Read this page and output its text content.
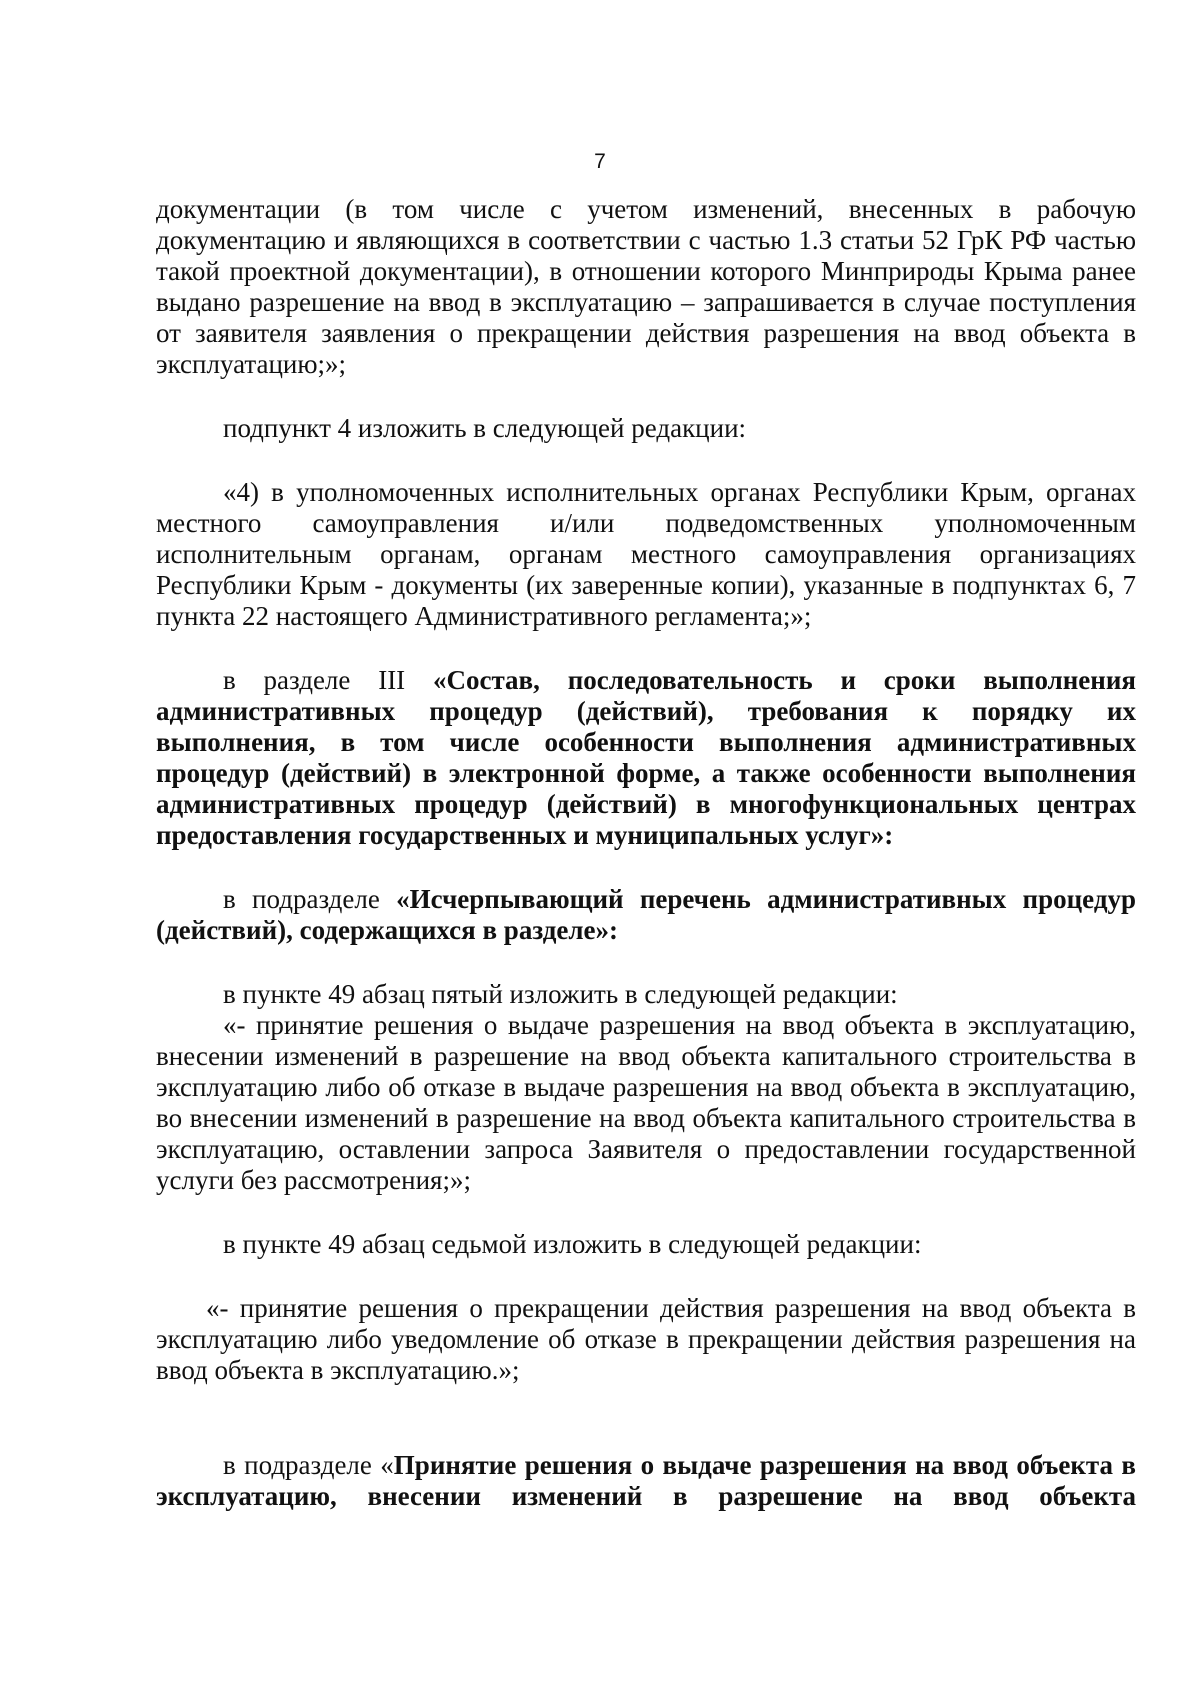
7

документации (в том числе с учетом изменений, внесенных в рабочую документацию и являющихся в соответствии с частью 1.3 статьи 52 ГрК РФ частью такой проектной документации), в отношении которого Минприроды Крыма ранее выдано разрешение на ввод в эксплуатацию – запрашивается в случае поступления от заявителя заявления о прекращении действия разрешения на ввод объекта в эксплуатацию;»;

подпункт 4 изложить в следующей редакции:

«4) в уполномоченных исполнительных органах Республики Крым, органах местного самоуправления и/или подведомственных уполномоченным исполнительным органам, органам местного самоуправления организациях Республики Крым - документы (их заверенные копии), указанные в подпунктах 6, 7 пункта 22 настоящего Административного регламента;»;

в разделе III «Состав, последовательность и сроки выполнения административных процедур (действий), требования к порядку их выполнения, в том числе особенности выполнения административных процедур (действий) в электронной форме, а также особенности выполнения административных процедур (действий) в многофункциональных центрах предоставления государственных и муниципальных услуг»:

в подразделе «Исчерпывающий перечень административных процедур (действий), содержащихся в разделе»:

в пункте 49 абзац пятый изложить в следующей редакции:

«- принятие решения о выдаче разрешения на ввод объекта в эксплуатацию, внесении изменений в разрешение на ввод объекта капитального строительства в эксплуатацию либо об отказе в выдаче разрешения на ввод объекта в эксплуатацию, во внесении изменений в разрешение на ввод объекта капитального строительства в эксплуатацию, оставлении запроса Заявителя о предоставлении государственной услуги без рассмотрения;»;

в пункте 49 абзац седьмой изложить в следующей редакции:

«- принятие решения о прекращении действия разрешения на ввод объекта в эксплуатацию либо уведомление об отказе в прекращении действия разрешения на ввод объекта в эксплуатацию.»;

в подразделе «Принятие решения о выдаче разрешения на ввод объекта в эксплуатацию, внесении изменений в разрешение на ввод объекта
